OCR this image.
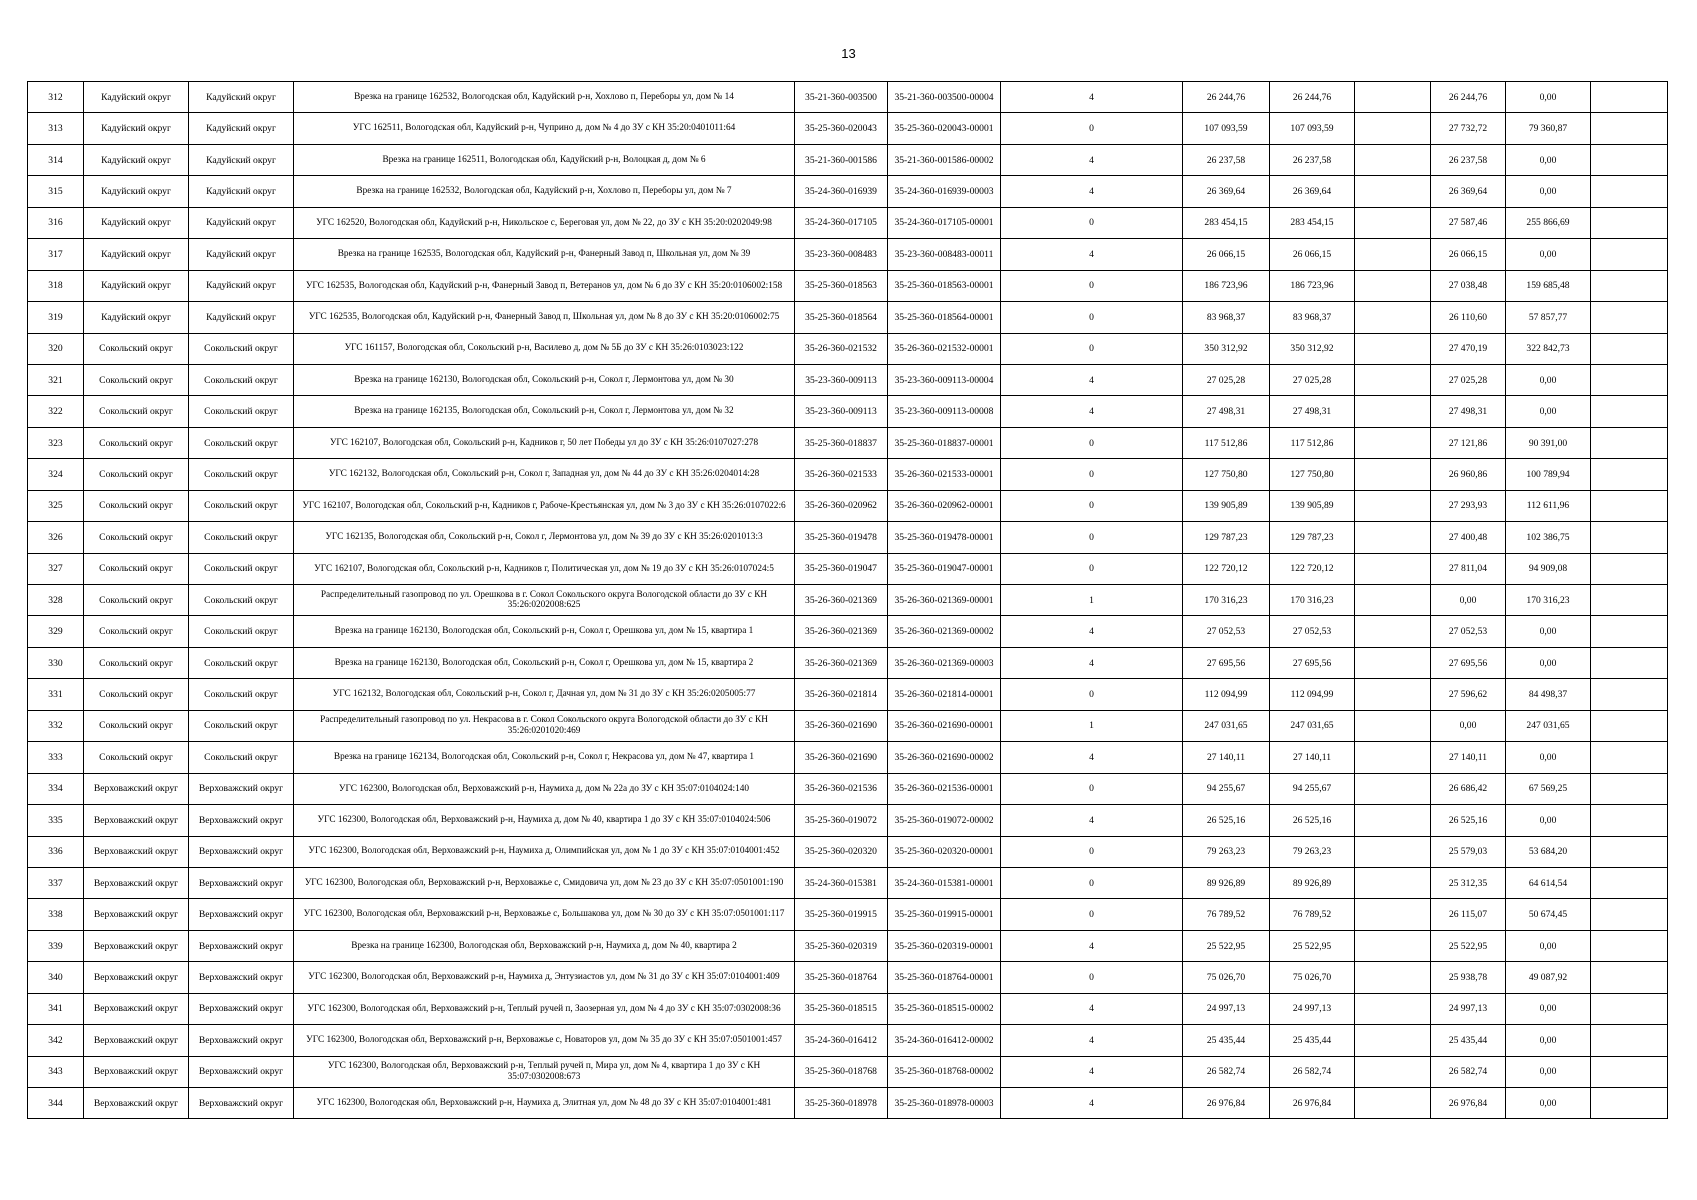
13
312	Кадуйский округ	Кадуйский округ	Врезка на границе 162532, Вологодская обл, Кадуйский р-н, Хохлово п, Переборы ул, дом № 14	35-21-360-003500	35-21-360-003500-00004	4	26 244,76	26 244,76		26 244,76	0,00	
313	Кадуйский округ	Кадуйский округ	УГС 162511, Вологодская обл, Кадуйский р-н, Чуприно д, дом № 4 до ЗУ с КН 35:20:0401011:64	35-25-360-020043	35-25-360-020043-00001	0	107 093,59	107 093,59		27 732,72	79 360,87	
314	Кадуйский округ	Кадуйский округ	Врезка на границе 162511, Вологодская обл, Кадуйский р-н, Волоцкая д, дом № 6	35-21-360-001586	35-21-360-001586-00002	4	26 237,58	26 237,58		26 237,58	0,00	
315	Кадуйский округ	Кадуйский округ	Врезка на границе 162532, Вологодская обл, Кадуйский р-н, Хохлово п, Переборы ул, дом № 7	35-24-360-016939	35-24-360-016939-00003	4	26 369,64	26 369,64		26 369,64	0,00	
316	Кадуйский округ	Кадуйский округ	УГС 162520, Вологодская обл, Кадуйский р-н, Никольское с, Береговая ул, дом № 22, до ЗУ с КН 35:20:0202049:98	35-24-360-017105	35-24-360-017105-00001	0	283 454,15	283 454,15		27 587,46	255 866,69	
317	Кадуйский округ	Кадуйский округ	Врезка на границе 162535, Вологодская обл, Кадуйский р-н, Фанерный Завод п, Школьная ул, дом № 39	35-23-360-008483	35-23-360-008483-00011	4	26 066,15	26 066,15		26 066,15	0,00	
318	Кадуйский округ	Кадуйский округ	УГС 162535, Вологодская обл, Кадуйский р-н, Фанерный Завод п, Ветеранов ул, дом № 6 до ЗУ с КН 35:20:0106002:158	35-25-360-018563	35-25-360-018563-00001	0	186 723,96	186 723,96		27 038,48	159 685,48	
319	Кадуйский округ	Кадуйский округ	УГС 162535, Вологодская обл, Кадуйский р-н, Фанерный Завод п, Школьная ул, дом № 8 до ЗУ с КН 35:20:0106002:75	35-25-360-018564	35-25-360-018564-00001	0	83 968,37	83 968,37		26 110,60	57 857,77	
320	Сокольский округ	Сокольский округ	УГС 161157, Вологодская обл, Сокольский р-н, Василево д, дом № 5Б до ЗУ с КН 35:26:0103023:122	35-26-360-021532	35-26-360-021532-00001	0	350 312,92	350 312,92		27 470,19	322 842,73	
321	Сокольский округ	Сокольский округ	Врезка на границе 162130, Вологодская обл, Сокольский р-н, Сокол г, Лермонтова ул, дом № 30	35-23-360-009113	35-23-360-009113-00004	4	27 025,28	27 025,28		27 025,28	0,00	
322	Сокольский округ	Сокольский округ	Врезка на границе 162135, Вологодская обл, Сокольский р-н, Сокол г, Лермонтова ул, дом № 32	35-23-360-009113	35-23-360-009113-00008	4	27 498,31	27 498,31		27 498,31	0,00	
323	Сокольский округ	Сокольский округ	УГС 162107, Вологодская обл, Сокольский р-н, Кадников г, 50 лет Победы ул до ЗУ с КН 35:26:0107027:278	35-25-360-018837	35-25-360-018837-00001	0	117 512,86	117 512,86		27 121,86	90 391,00	
324	Сокольский округ	Сокольский округ	УГС 162132, Вологодская обл, Сокольский р-н, Сокол г, Западная ул, дом № 44 до ЗУ с КН 35:26:0204014:28	35-26-360-021533	35-26-360-021533-00001	0	127 750,80	127 750,80		26 960,86	100 789,94	
325	Сокольский округ	Сокольский округ	УГС 162107, Вологодская обл, Сокольский р-н, Кадников г, Рабоче-Крестьянская ул, дом № 3 до ЗУ с КН 35:26:0107022:6	35-26-360-020962	35-26-360-020962-00001	0	139 905,89	139 905,89		27 293,93	112 611,96	
326	Сокольский округ	Сокольский округ	УГС 162135, Вологодская обл, Сокольский р-н, Сокол г, Лермонтова ул, дом № 39 до ЗУ с КН 35:26:0201013:3	35-25-360-019478	35-25-360-019478-00001	0	129 787,23	129 787,23		27 400,48	102 386,75	
327	Сокольский округ	Сокольский округ	УГС 162107, Вологодская обл, Сокольский р-н, Кадников г, Политическая ул, дом № 19 до ЗУ с КН 35:26:0107024:5	35-25-360-019047	35-25-360-019047-00001	0	122 720,12	122 720,12		27 811,04	94 909,08	
328	Сокольский округ	Сокольский округ	Распределительный газопровод по ул. Орешкова в г. Сокол Сокольского округа Вологодской области до ЗУ с КН 35:26:0202008:625	35-26-360-021369	35-26-360-021369-00001	1	170 316,23	170 316,23		0,00	170 316,23	
329	Сокольский округ	Сокольский округ	Врезка на границе 162130, Вологодская обл, Сокольский р-н, Сокол г, Орешкова ул, дом № 15, квартира 1	35-26-360-021369	35-26-360-021369-00002	4	27 052,53	27 052,53		27 052,53	0,00	
330	Сокольский округ	Сокольский округ	Врезка на границе 162130, Вологодская обл, Сокольский р-н, Сокол г, Орешкова ул, дом № 15, квартира 2	35-26-360-021369	35-26-360-021369-00003	4	27 695,56	27 695,56		27 695,56	0,00	
331	Сокольский округ	Сокольский округ	УГС 162132, Вологодская обл, Сокольский р-н, Сокол г, Дачная ул, дом № 31 до ЗУ с КН 35:26:0205005:77	35-26-360-021814	35-26-360-021814-00001	0	112 094,99	112 094,99		27 596,62	84 498,37	
332	Сокольский округ	Сокольский округ	Распределительный газопровод по ул. Некрасова в г. Сокол Сокольского округа Вологодской области до ЗУ с КН 35:26:0201020:469	35-26-360-021690	35-26-360-021690-00001	1	247 031,65	247 031,65		0,00	247 031,65	
333	Сокольский округ	Сокольский округ	Врезка на границе 162134, Вологодская обл, Сокольский р-н, Сокол г, Некрасова ул, дом № 47, квартира 1	35-26-360-021690	35-26-360-021690-00002	4	27 140,11	27 140,11		27 140,11	0,00	
334	Верховажский округ	Верховажский округ	УГС 162300, Вологодская обл, Верховажский р-н, Наумиха д, дом № 22а до ЗУ с КН 35:07:0104024:140	35-26-360-021536	35-26-360-021536-00001	0	94 255,67	94 255,67		26 686,42	67 569,25	
335	Верховажский округ	Верховажский округ	УГС 162300, Вологодская обл, Верховажский р-н, Наумиха д, дом № 40, квартира 1 до ЗУ с КН 35:07:0104024:506	35-25-360-019072	35-25-360-019072-00002	4	26 525,16	26 525,16		26 525,16	0,00	
336	Верховажский округ	Верховажский округ	УГС 162300, Вологодская обл, Верховажский р-н, Наумиха д, Олимпийская ул, дом № 1 до ЗУ с КН 35:07:0104001:452	35-25-360-020320	35-25-360-020320-00001	0	79 263,23	79 263,23		25 579,03	53 684,20	
337	Верховажский округ	Верховажский округ	УГС 162300, Вологодская обл, Верховажский р-н, Верховажье с, Смидовича ул, дом № 23 до ЗУ с КН 35:07:0501001:190	35-24-360-015381	35-24-360-015381-00001	0	89 926,89	89 926,89		25 312,35	64 614,54	
338	Верховажский округ	Верховажский округ	УГС 162300, Вологодская обл, Верховажский р-н, Верховажье с, Большакова ул, дом № 30 до ЗУ с КН 35:07:0501001:117	35-25-360-019915	35-25-360-019915-00001	0	76 789,52	76 789,52		26 115,07	50 674,45	
339	Верховажский округ	Верховажский округ	Врезка на границе 162300, Вологодская обл, Верховажский р-н, Наумиха д, дом № 40, квартира 2	35-25-360-020319	35-25-360-020319-00001	4	25 522,95	25 522,95		25 522,95	0,00	
340	Верховажский округ	Верховажский округ	УГС 162300, Вологодская обл, Верховажский р-н, Наумиха д, Энтузиастов ул, дом № 31 до ЗУ с КН 35:07:0104001:409	35-25-360-018764	35-25-360-018764-00001	0	75 026,70	75 026,70		25 938,78	49 087,92	
341	Верховажский округ	Верховажский округ	УГС 162300, Вологодская обл, Верховажский р-н, Теплый ручей п, Заозерная ул, дом № 4 до ЗУ с КН 35:07:0302008:36	35-25-360-018515	35-25-360-018515-00002	4	24 997,13	24 997,13		24 997,13	0,00	
342	Верховажский округ	Верховажский округ	УГС 162300, Вологодская обл, Верховажский р-н, Верховажье с, Новаторов ул, дом № 35 до ЗУ с КН 35:07:0501001:457	35-24-360-016412	35-24-360-016412-00002	4	25 435,44	25 435,44		25 435,44	0,00	
343	Верховажский округ	Верховажский округ	УГС 162300, Вологодская обл, Верховажский р-н, Теплый ручей п, Мира ул, дом № 4, квартира 1 до ЗУ с КН 35:07:0302008:673	35-25-360-018768	35-25-360-018768-00002	4	26 582,74	26 582,74		26 582,74	0,00	
344	Верховажский округ	Верховажский округ	УГС 162300, Вологодская обл, Верховажский р-н, Наумиха д, Элитная ул, дом № 48 до ЗУ с КН 35:07:0104001:481	35-25-360-018978	35-25-360-018978-00003	4	26 976,84	26 976,84		26 976,84	0,00	
